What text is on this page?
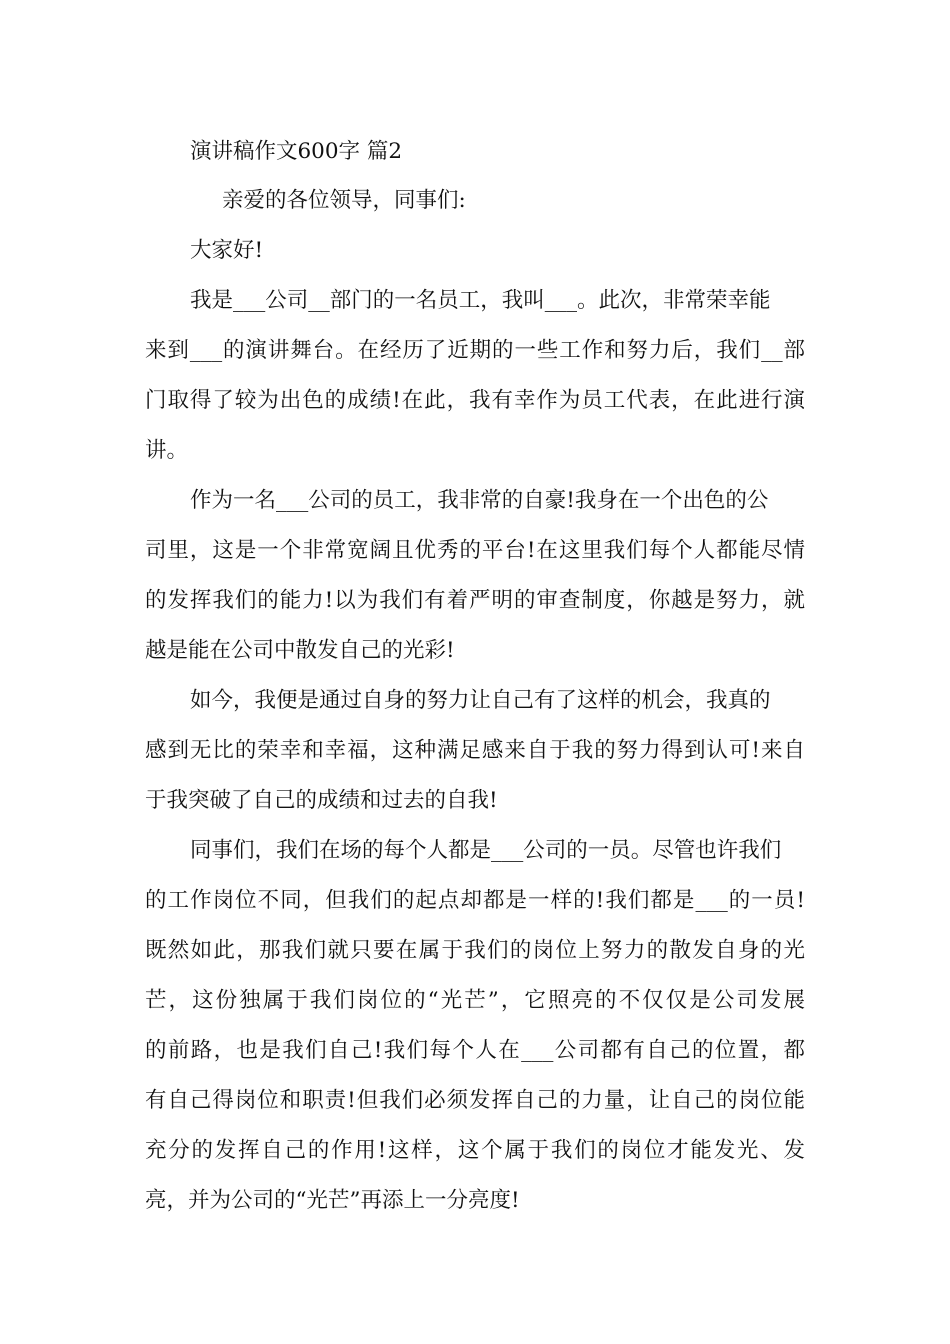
演讲稿作文600字 篇2
亲爱的各位领导，同事们:
大家好!
我是___公司__部门的一名员工，我叫___。此次，非常荣幸能
来到___的演讲舞台。在经历了近期的一些工作和努力后，我们__部
门取得了较为出色的成绩!在此，我有幸作为员工代表，在此进行演
讲。
作为一名___公司的员工，我非常的自豪!我身在一个出色的公
司里，这是一个非常宽阔且优秀的平台!在这里我们每个人都能尽情
的发挥我们的能力!以为我们有着严明的审查制度，你越是努力，就
越是能在公司中散发自己的光彩!
如今，我便是通过自身的努力让自己有了这样的机会，我真的
感到无比的荣幸和幸福，这种满足感来自于我的努力得到认可!来自
于我突破了自己的成绩和过去的自我!
同事们，我们在场的每个人都是___公司的一员。尽管也许我们
的工作岗位不同，但我们的起点却都是一样的!我们都是___的一员!
既然如此，那我们就只要在属于我们的岗位上努力的散发自身的光
芒，这份独属于我们岗位的“光芒”，它照亮的不仅仅是公司发展
的前路，也是我们自己!我们每个人在___公司都有自己的位置，都
有自己得岗位和职责!但我们必须发挥自己的力量，让自己的岗位能
充分的发挥自己的作用!这样，这个属于我们的岗位才能发光、发
亮，并为公司的“光芒”再添上一分亮度!
